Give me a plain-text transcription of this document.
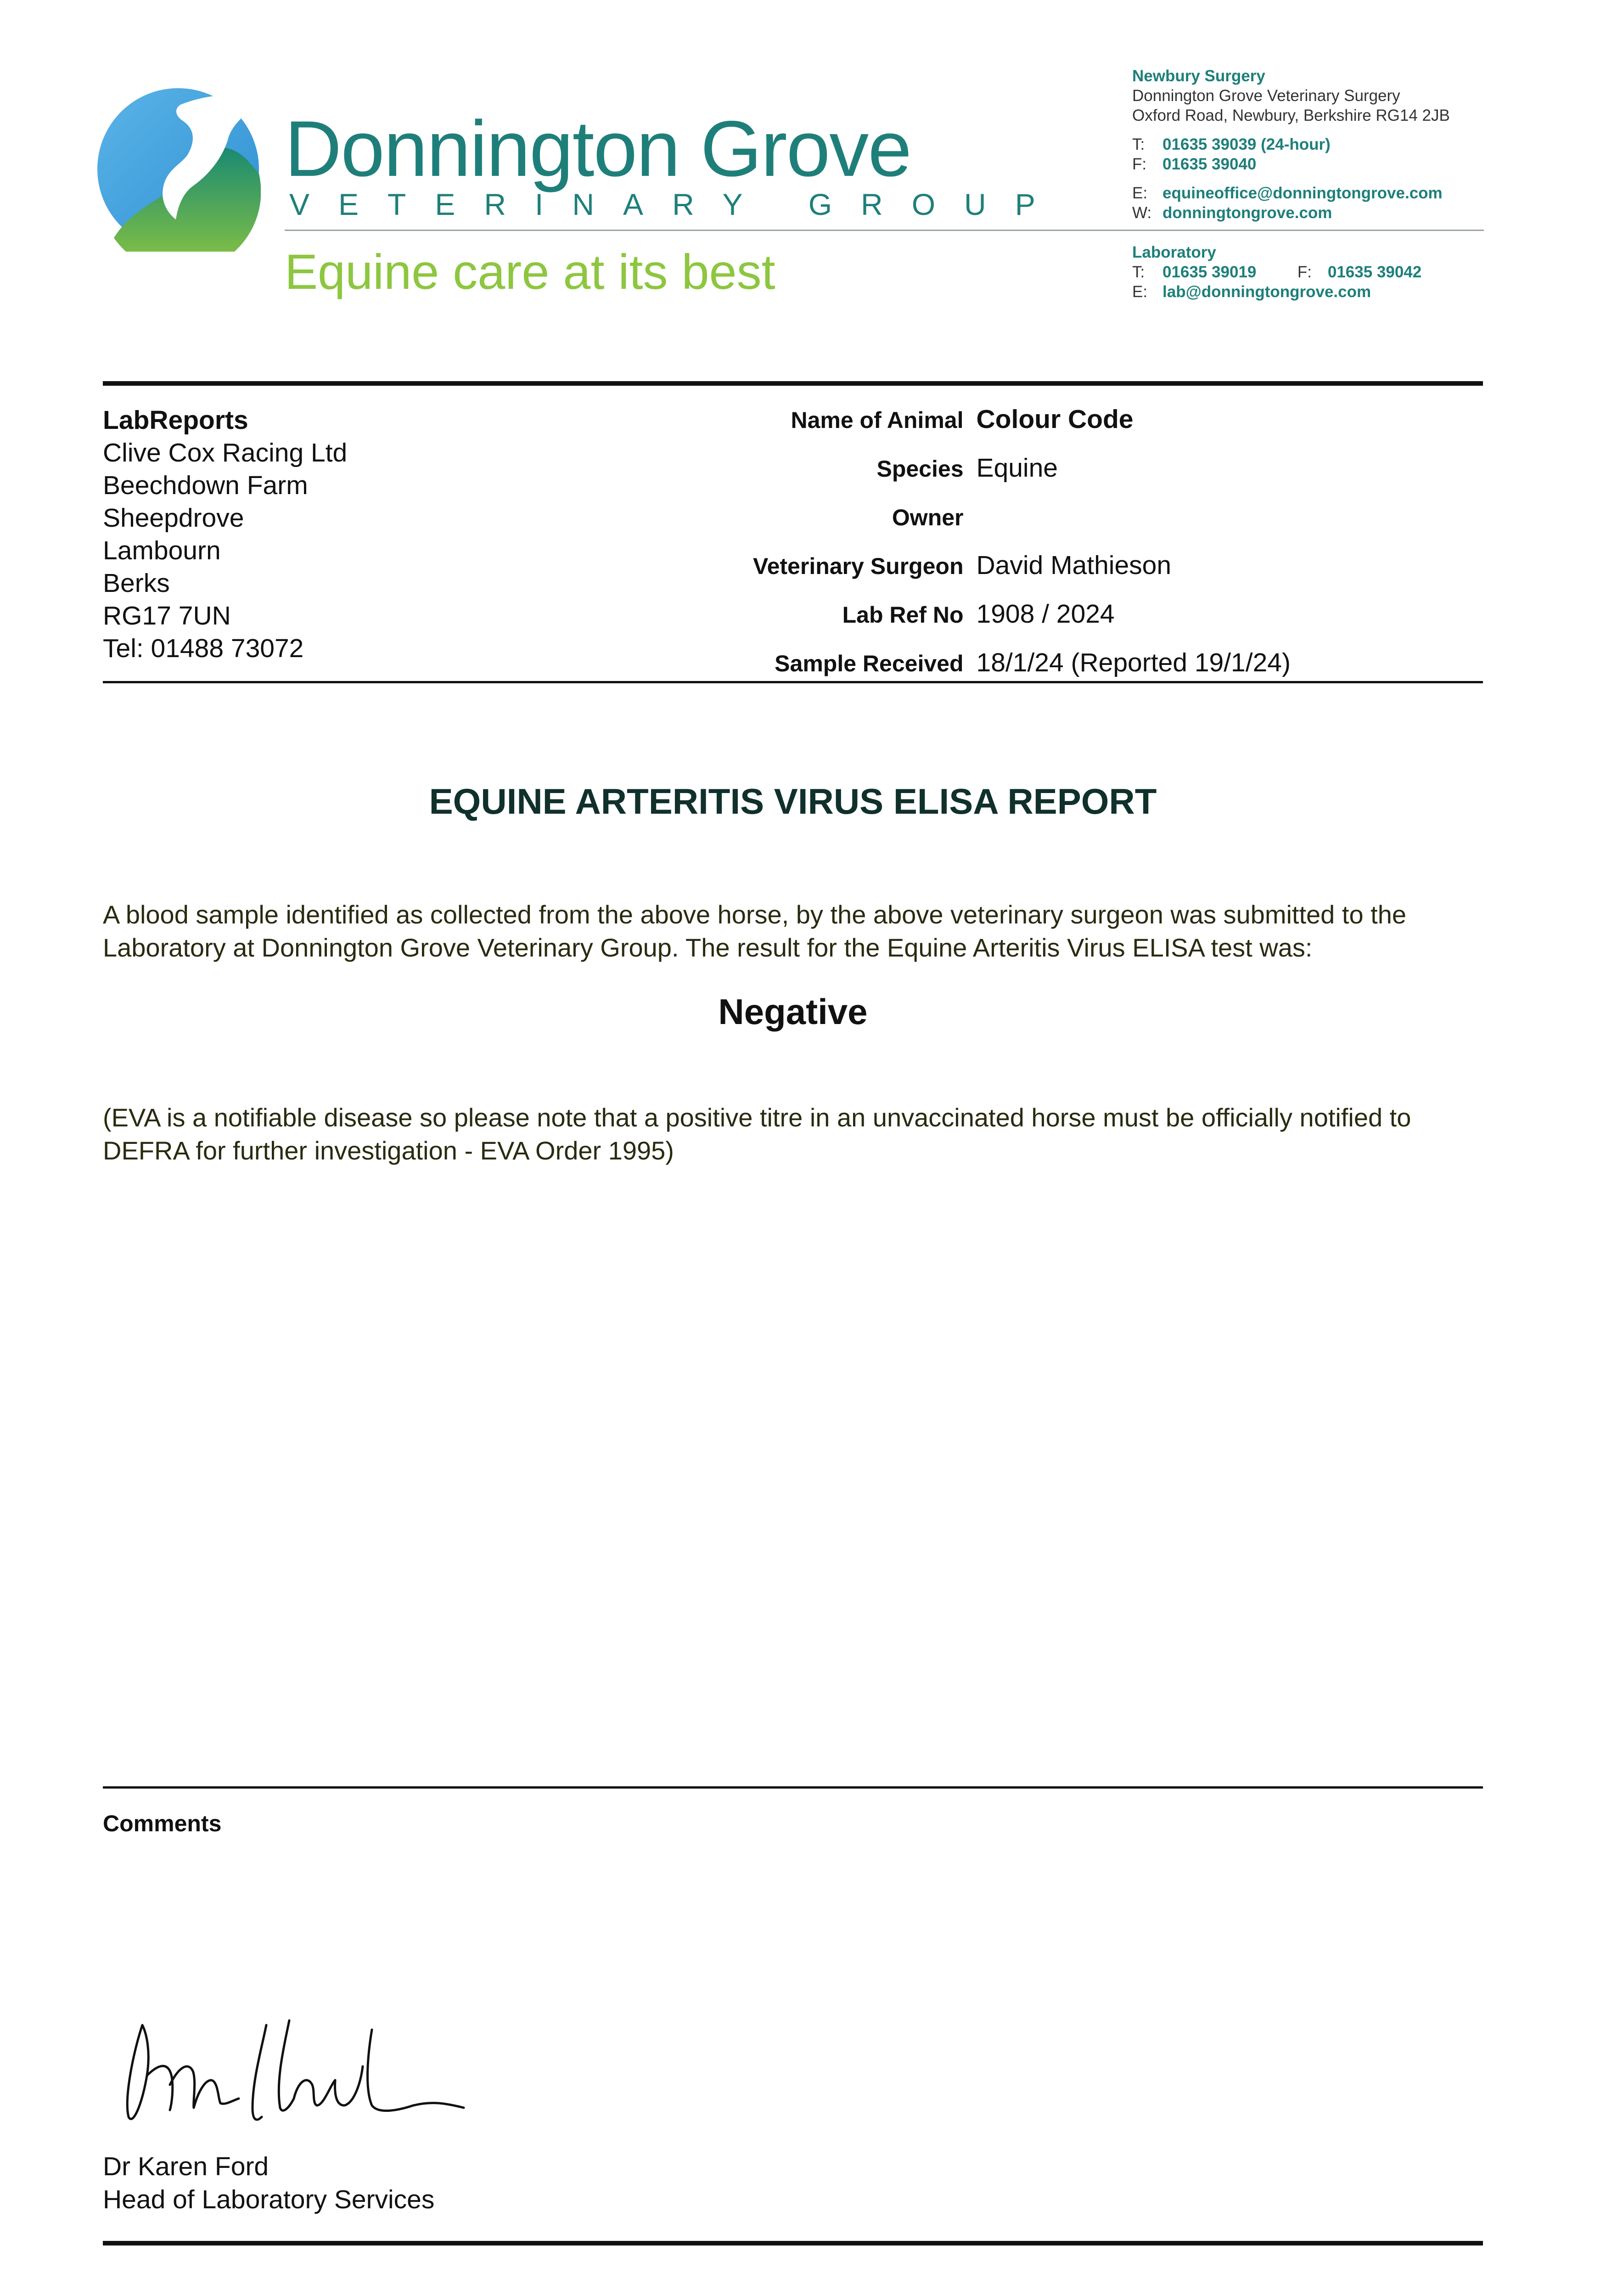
Donnington Grove
VETERINARY GROUP
Equine care at its best
Newbury Surgery
Donnington Grove Veterinary Surgery
Oxford Road, Newbury, Berkshire RG14 2JB
T: 01635 39039 (24-hour)
F: 01635 39040
E: equineoffice@donningtongrove.com
W: donningtongrove.com
Laboratory
T: 01635 39019	F: 01635 39042
E: lab@donningtongrove.com
LabReports
Clive Cox Racing Ltd
Beechdown Farm
Sheepdrove
Lambourn
Berks
RG17 7UN
Tel: 01488 73072
Name of Animal	Colour Code
Species	Equine
Owner	
Veterinary Surgeon	David Mathieson
Lab Ref No	1908 / 2024
Sample Received	18/1/24 (Reported 19/1/24)
EQUINE ARTERITIS VIRUS ELISA REPORT
A blood sample identified as collected from the above horse, by the above veterinary surgeon was submitted to the Laboratory at Donnington Grove Veterinary Group. The result for the Equine Arteritis Virus ELISA test was:
Negative
(EVA is a notifiable disease so please note that a positive titre in an unvaccinated horse must be officially notified to DEFRA for further investigation - EVA Order 1995)
Comments
Dr Karen Ford
Head of Laboratory Services
